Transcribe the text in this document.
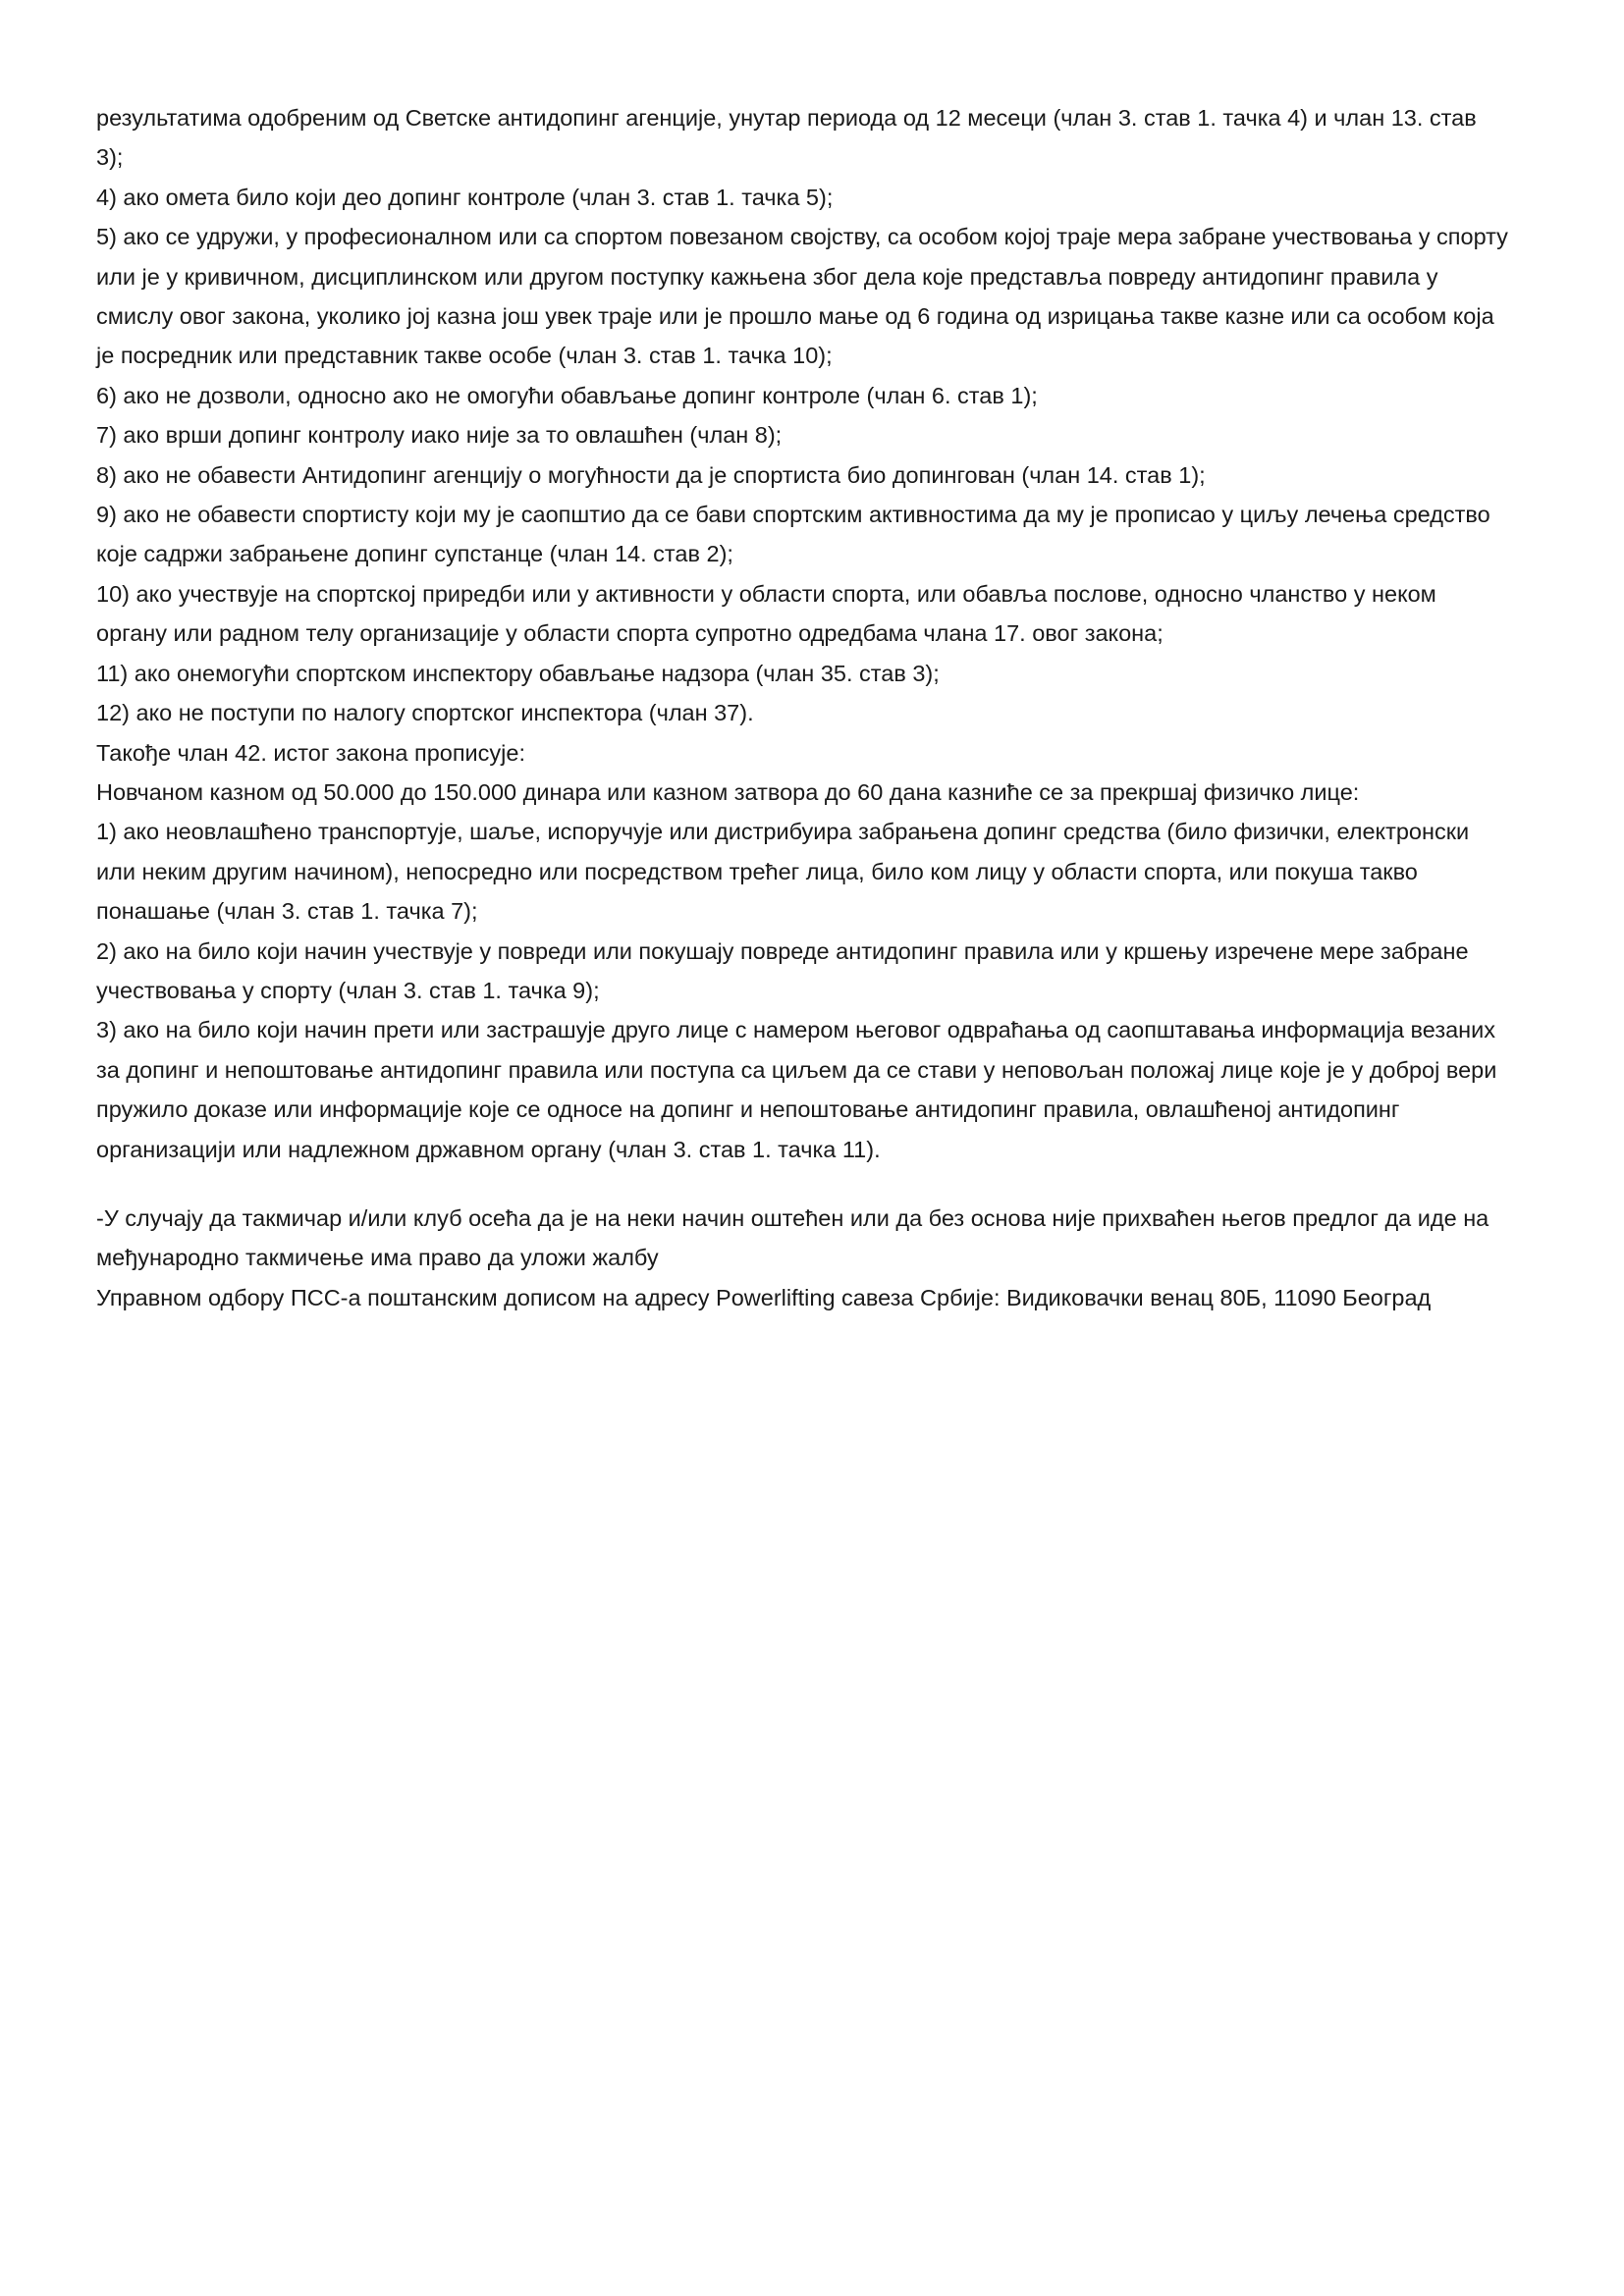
результатима одобреним од Светске антидопинг агенције, унутар периода од 12 месеци (члан 3. став 1. тачка 4) и члан 13. став 3);

4) ако омета било који део допинг контроле (члан 3. став 1. тачка 5);

5) ако се удружи, у професионалном или са спортом повезаном својству, са особом којој траје мера забране учествовања у спорту или је у кривичном, дисциплинском или другом поступку кажњена због дела које представља повреду антидопинг правила у смислу овог закона, уколико јој казна још увек траје или је прошло мање од 6 година од изрицања такве казне или са особом која је посредник или представник такве особе (члан 3. став 1. тачка 10);

6) ако не дозволи, односно ако не омогући обављање допинг контроле (члан 6. став 1);

7) ако врши допинг контролу иако није за то овлашћен (члан 8);

8) ако не обавести Антидопинг агенцију о могућности да је спортиста био допингован (члан 14. став 1);

9) ако не обавести спортисту који му је саопштио да се бави спортским активностима да му је прописао у циљу лечења средство које садржи забрањене допинг супстанце (члан 14. став 2);

10) ако учествује на спортској приредби или у активности у области спорта, или обавља послове, односно чланство у неком органу или радном телу организације у области спорта супротно одредбама члана 17. овог закона;

11) ако онемогући спортском инспектору обављање надзора (члан 35. став 3);

12) ако не поступи по налогу спортског инспектора (члан 37).

Такође члан 42. истог закона прописује:

Новчаном казном од 50.000 до 150.000 динара или казном затвора до 60 дана казниће се за прекршај физичко лице:

1) ако неовлашћено транспортује, шаље, испоручује или дистрибуира забрањена допинг средства (било физички, електронски или неким другим начином), непосредно или посредством трећег лица, било ком лицу у области спорта, или покуша такво понашање (члан 3. став 1. тачка 7);

2) ако на било који начин учествује у повреди или покушају повреде антидопинг правила или у кршењу изречене мере забране учествовања у спорту (члан 3. став 1. тачка 9);

3) ако на било који начин прети или застрашује друго лице с намером његовог одвраћања од саопштавања информација везаних за допинг и непоштовање антидопинг правила или поступа са циљем да се стави у неповољан положај лице које је у доброј вери пружило доказе или информације које се односе на допинг и непоштовање антидопинг правила, овлашћеној антидопинг организацији или надлежном државном органу (члан 3. став 1. тачка 11).

-У случају да такмичар и/или клуб осећа да је на неки начин оштећен или да без основа није прихваћен његов предлог да иде на међународно такмичење има право да уложи жалбу

Управном одбору ПСС-а поштанским дописом на адресу Powerlifting савеза Србије: Видиковачки венац 80Б, 11090 Београд
